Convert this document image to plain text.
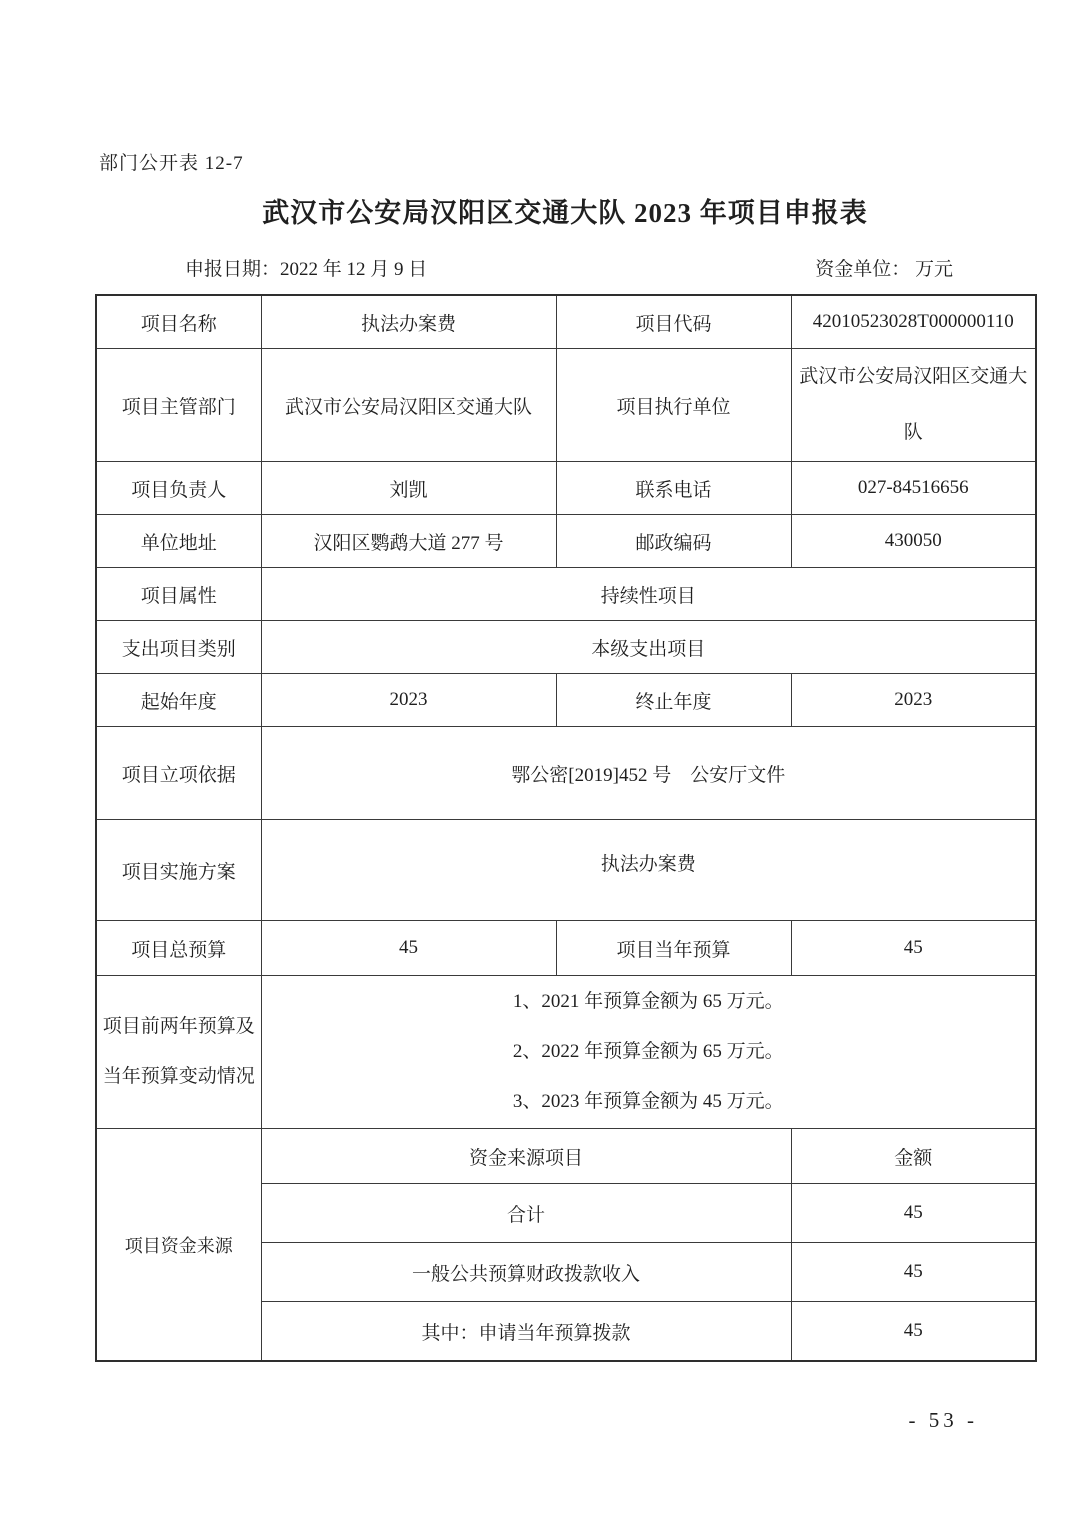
部门公开表 12-7
武汉市公安局汉阳区交通大队 2023 年项目申报表
申报日期：2022 年 12 月 9 日	资金单位： 万元
项目名称	执法办案费	项目代码	42010523028T000000110
项目主管部门	武汉市公安局汉阳区交通大队	项目执行单位	武汉市公安局汉阳区交通大队
项目负责人	刘凯	联系电话	027-84516656
单位地址	汉阳区鹦鹉大道 277 号	邮政编码	430050
项目属性	持续性项目		
支出项目类别	本级支出项目		
起始年度	2023	终止年度	2023
项目立项依据	鄂公密[2019]452 号　公安厅文件		
项目实施方案	执法办案费		

项目总预算	45	项目当年预算	45
项目前两年预算及当年预算变动情况	1、2021 年预算金额为 65 万元。
2、2022 年预算金额为 65 万元。
3、2023 年预算金额为 45 万元。		

项目资金来源	资金来源项目		金额
	合计		45
	一般公共预算财政拨款收入		45
	其中：申请当年预算拨款		45
- 53 -
